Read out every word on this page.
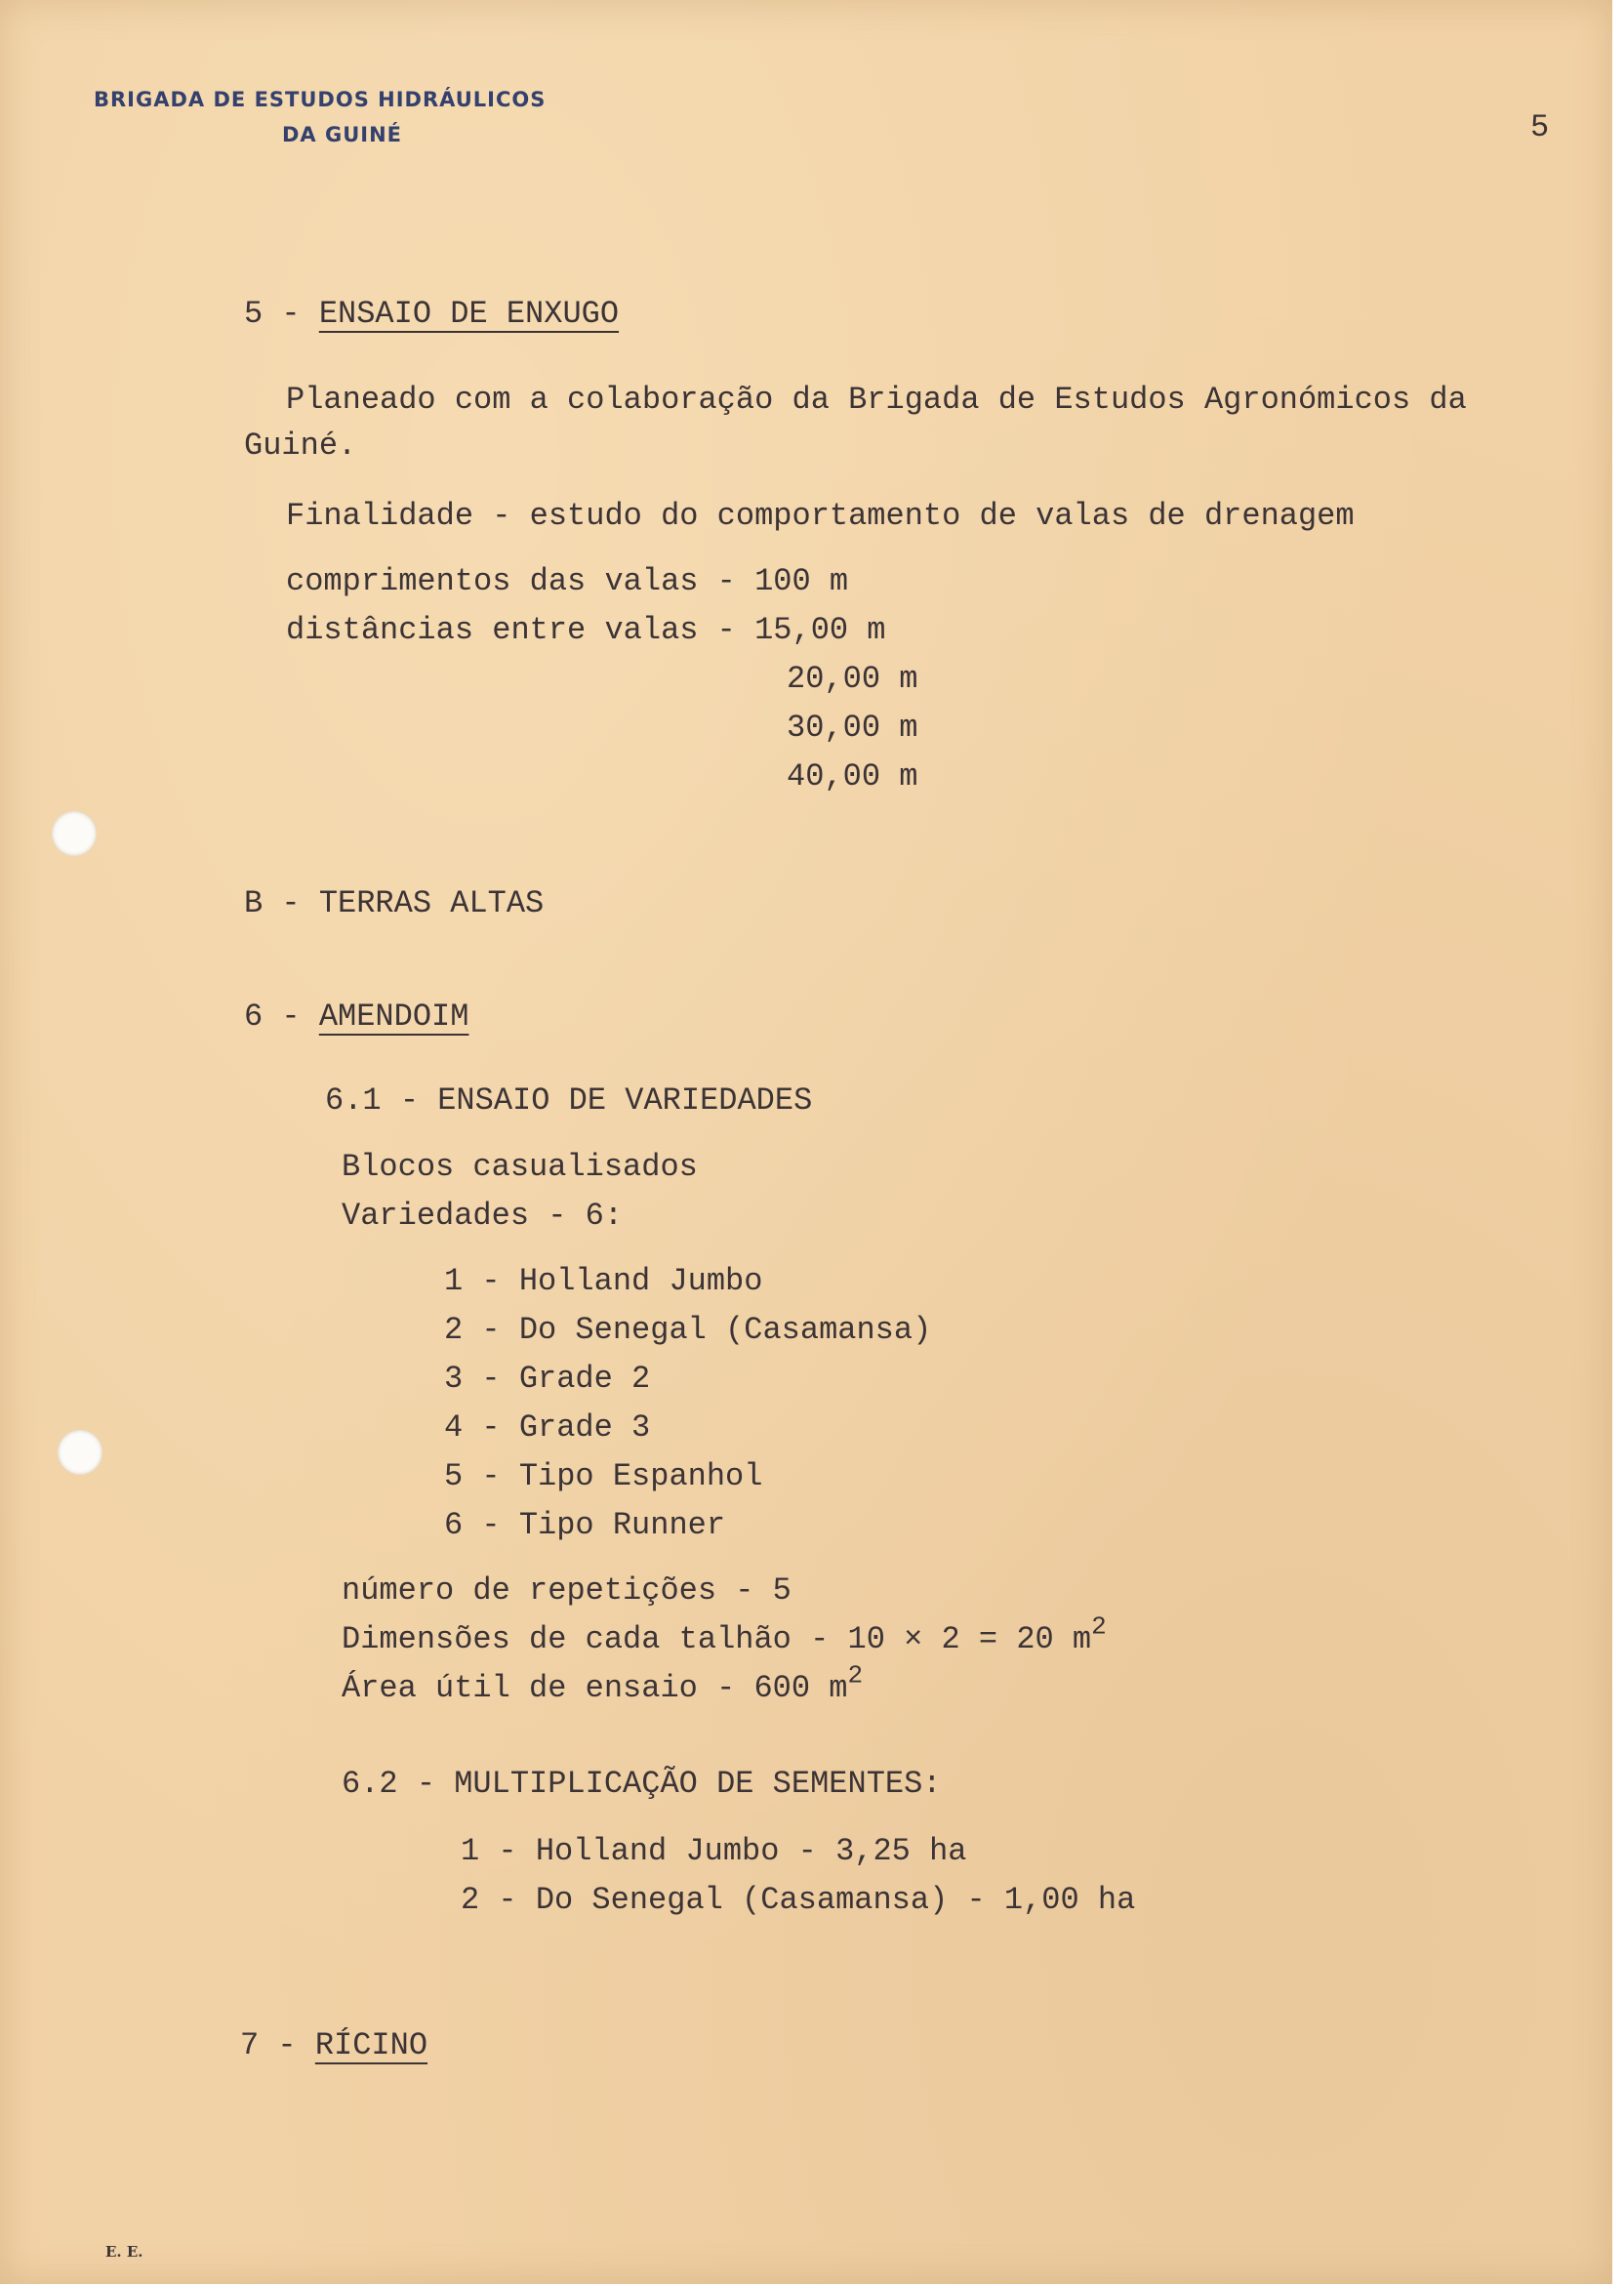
BRIGADA DE ESTUDOS HIDRÁULICOS
DA GUINÉ	5
5 - ENSAIO DE ENXUGO
Planeado com a colaboração da Brigada de Estudos Agronómicos da
Guiné.
Finalidade - estudo do comportamento de valas de drenagem
comprimentos das valas - 100 m
distâncias entre valas - 15,00 m
20,00 m
30,00 m
40,00 m
B - TERRAS ALTAS
6 - AMENDOIM
6.1 - ENSAIO DE VARIEDADES
Blocos casualisados
Variedades - 6:
1 - Holland Jumbo
2 - Do Senegal (Casamansa)
3 - Grade 2
4 - Grade 3
5 - Tipo Espanhol
6 - Tipo Runner
número de repetições - 5
Dimensões de cada talhão - 10 × 2 = 20 $m^2$
Área útil de ensaio - 600 $m^2$
6.2 - MULTIPLICAÇÃO DE SEMENTES:
1 - Holland Jumbo - 3,25 ha
2 - Do Senegal (Casamansa) - 1,00 ha
7 - RÍCINO
E. E.
